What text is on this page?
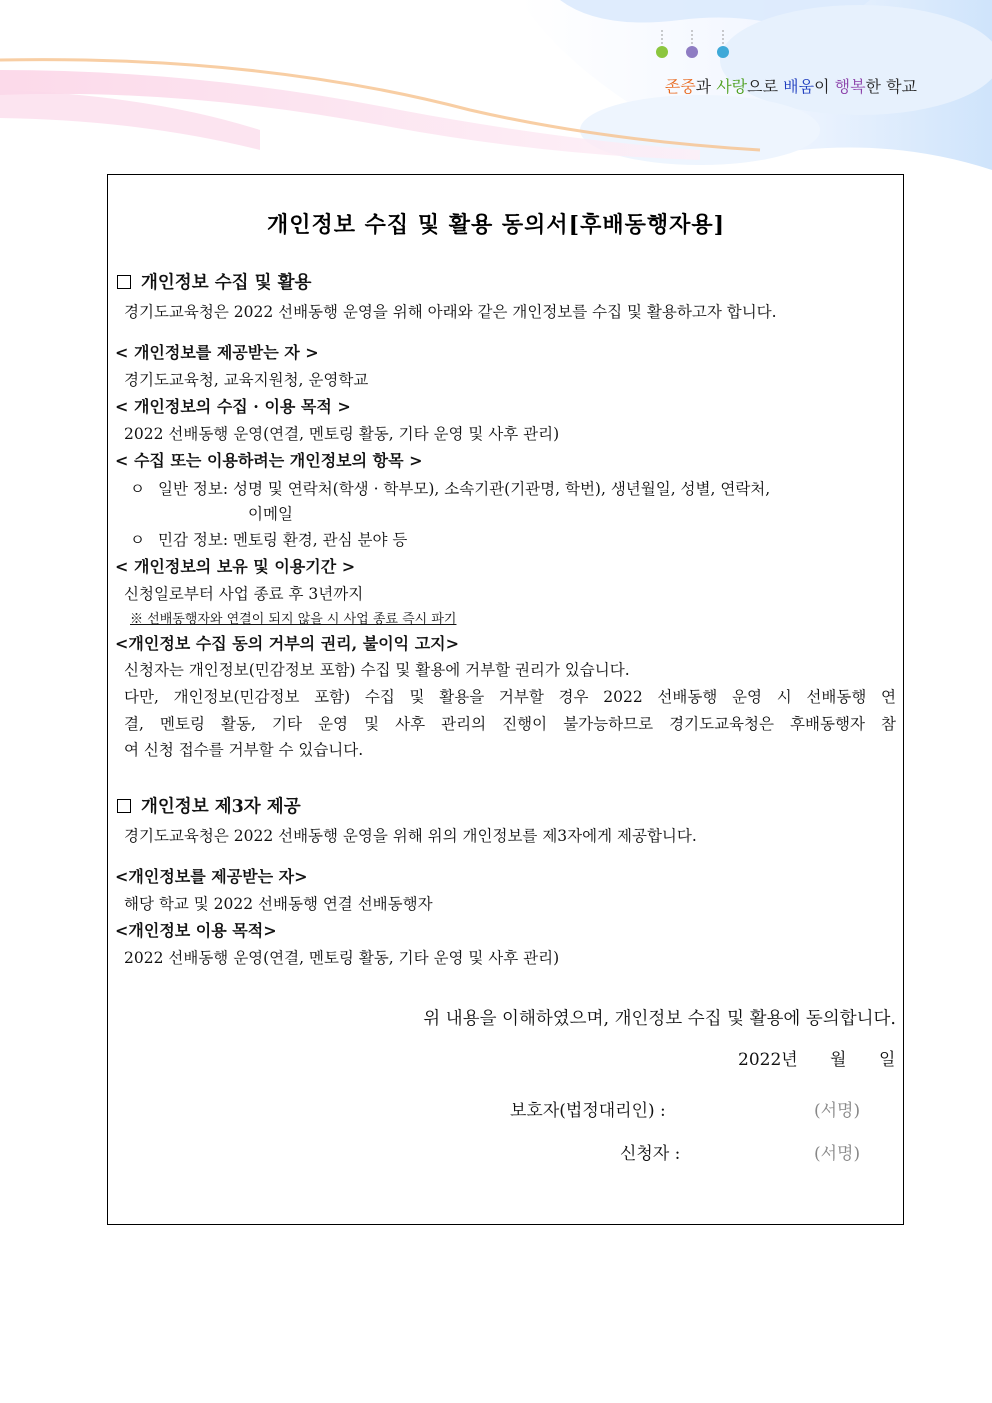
존중과 사랑으로 배움이 행복한 학교
개인정보 수집 및 활용 동의서[후배동행자용]
개인정보 수집 및 활용
경기도교육청은 2022 선배동행 운영을 위해 아래와 같은 개인정보를 수집 및 활용하고자 합니다.
< 개인정보를 제공받는 자 >
경기도교육청, 교육지원청, 운영학교
< 개인정보의 수집 · 이용 목적 >
2022 선배동행 운영(연결, 멘토링 활동, 기타 운영 및 사후 관리)
< 수집 또는 이용하려는 개인정보의 항목 >
ㅇ 일반 정보: 성명 및 연락처(학생 · 학부모), 소속기관(기관명, 학번), 생년월일, 성별, 연락처,
이메일
ㅇ 민감 정보: 멘토링 환경, 관심 분야 등
< 개인정보의 보유 및 이용기간 >
신청일로부터 사업 종료 후 3년까지
※ 선배동행자와 연결이 되지 않을 시 사업 종료 즉시 파기
<개인정보 수집 동의 거부의 권리, 불이익 고지>
신청자는 개인정보(민감정보 포함) 수집 및 활용에 거부할 권리가 있습니다.
다만, 개인정보(민감정보 포함) 수집 및 활용을 거부할 경우 2022 선배동행 운영 시 선배동행 연
결, 멘토링 활동, 기타 운영 및 사후 관리의 진행이 불가능하므로 경기도교육청은 후배동행자 참
여 신청 접수를 거부할 수 있습니다.
개인정보 제3자 제공
경기도교육청은 2022 선배동행 운영을 위해 위의 개인정보를 제3자에게 제공합니다.
<개인정보를 제공받는 자>
해당 학교 및 2022 선배동행 연결 선배동행자
<개인정보 이용 목적>
2022 선배동행 운영(연결, 멘토링 활동, 기타 운영 및 사후 관리)
위 내용을 이해하였으며, 개인정보 수집 및 활용에 동의합니다.
2022년 월 일
보호자(법정대리인) :	(서명)
신청자 :	(서명)
